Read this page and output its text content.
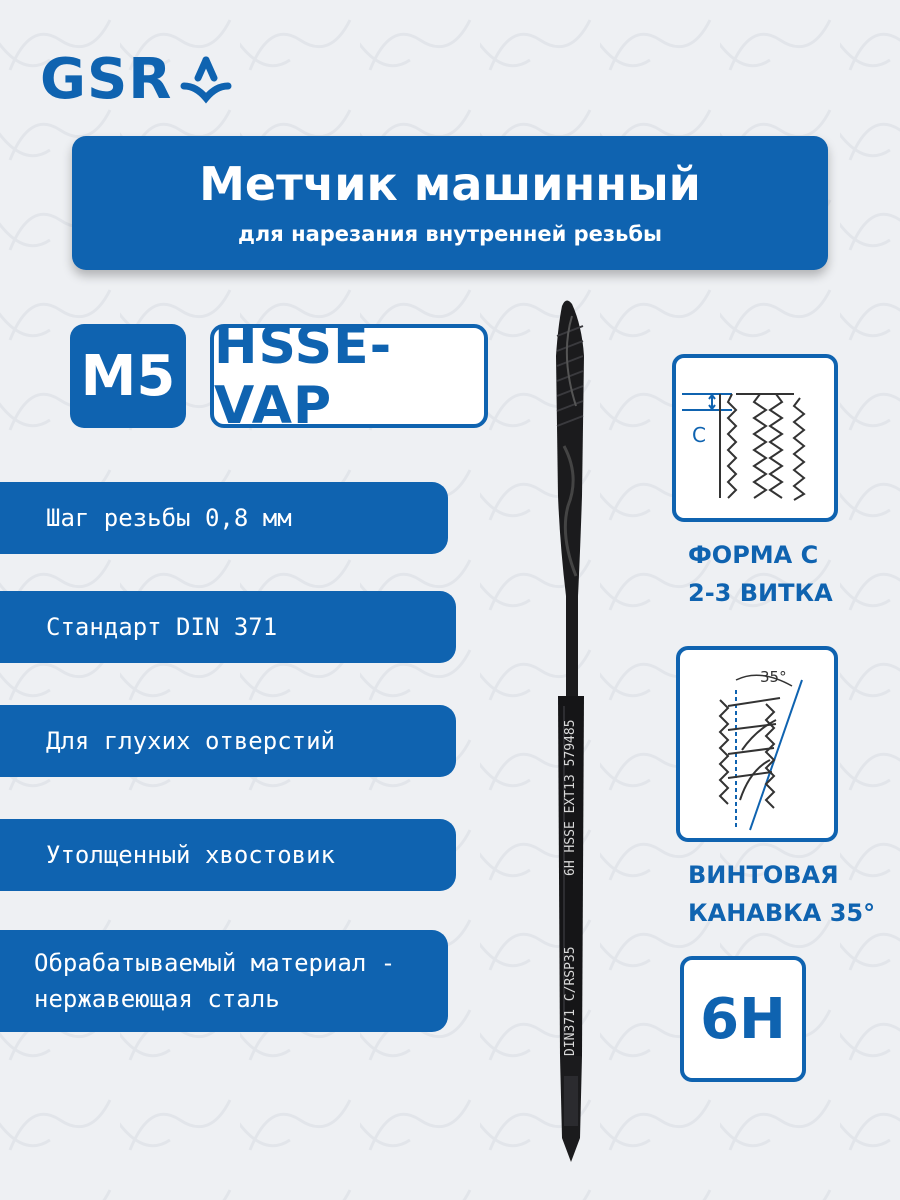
GSR
Метчик машинный
для нарезания внутренней резьбы
M5 HSSE-VAP
Шаг резьбы 0,8 мм
Стандарт DIN 371
Для глухих отверстий
Утолщенный хвостовик
Обрабатываемый материал -
нержавеющая сталь	DIN371 C/RSP35
6H HSSE EXT13 579485
C
ФОРМА С
2-3 ВИТКА
35°
ВИНТОВАЯ
КАНАВКА 35°
6H
